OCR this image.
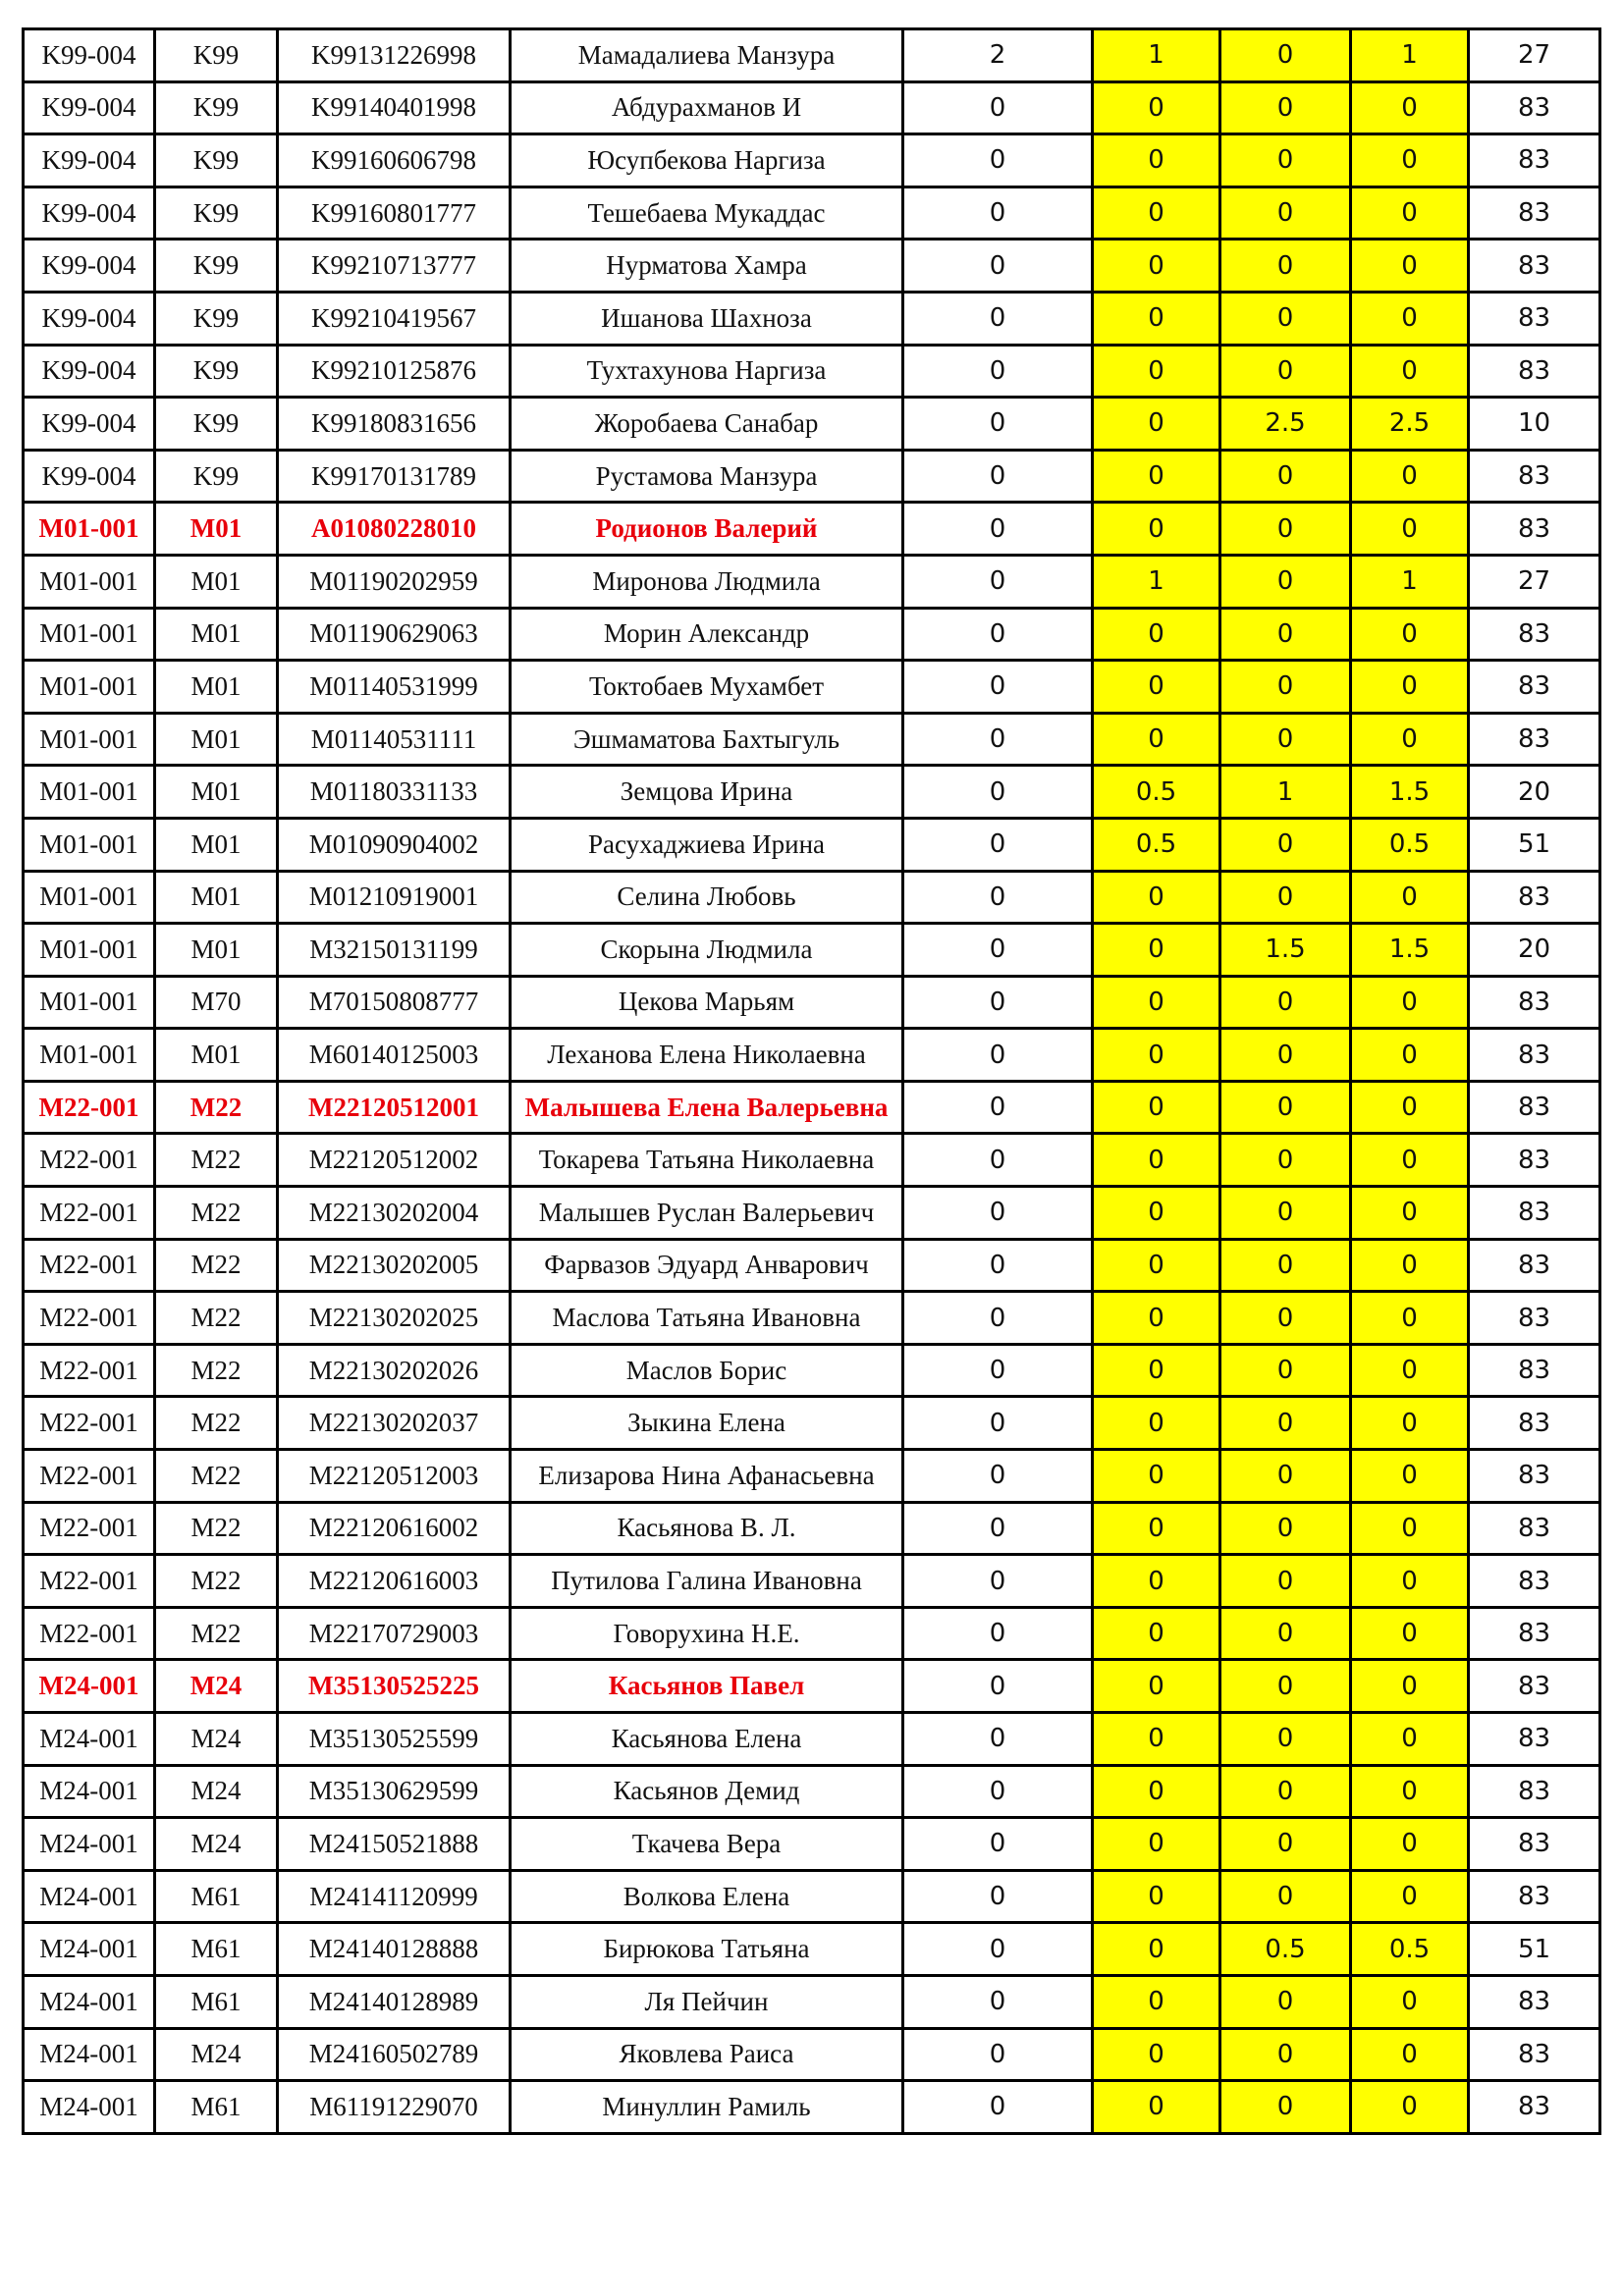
K99-004	K99	K99131226998	Мамадалиева Манзура	2	1	0	1	27
K99-004	K99	K99140401998	Абдурахманов И	0	0	0	0	83
K99-004	K99	K99160606798	Юсупбекова Наргиза	0	0	0	0	83
K99-004	K99	K99160801777	Тешебаева Мукаддас	0	0	0	0	83
K99-004	K99	K99210713777	Нурматова Хамра	0	0	0	0	83
K99-004	K99	K99210419567	Ишанова Шахноза	0	0	0	0	83
K99-004	K99	K99210125876	Тухтахунова Наргиза	0	0	0	0	83
K99-004	K99	K99180831656	Жоробаева Санабар	0	0	2.5	2.5	10
K99-004	K99	K99170131789	Рустамова Манзура	0	0	0	0	83
M01-001	M01	A01080228010	Родионов Валерий	0	0	0	0	83
M01-001	M01	M01190202959	Миронова Людмила	0	1	0	1	27
M01-001	M01	M01190629063	Морин Александр	0	0	0	0	83
M01-001	M01	M01140531999	Токтобаев Мухамбет	0	0	0	0	83
M01-001	M01	M01140531111	Эшмаматова Бахтыгуль	0	0	0	0	83
M01-001	M01	M01180331133	Земцова Ирина	0	0.5	1	1.5	20
M01-001	M01	M01090904002	Расухаджиева Ирина	0	0.5	0	0.5	51
M01-001	M01	M01210919001	Селина Любовь	0	0	0	0	83
M01-001	M01	M32150131199	Скорына Людмила	0	0	1.5	1.5	20
M01-001	M70	M70150808777	Цекова Марьям	0	0	0	0	83
M01-001	M01	M60140125003	Леханова Елена Николаевна	0	0	0	0	83
M22-001	M22	M22120512001	Малышева Елена Валерьевна	0	0	0	0	83
M22-001	M22	M22120512002	Токарева Татьяна Николаевна	0	0	0	0	83
M22-001	M22	M22130202004	Малышев Руслан Валерьевич	0	0	0	0	83
M22-001	M22	M22130202005	Фарвазов Эдуард Анварович	0	0	0	0	83
M22-001	M22	M22130202025	Маслова Татьяна Ивановна	0	0	0	0	83
M22-001	M22	M22130202026	Маслов Борис	0	0	0	0	83
M22-001	M22	M22130202037	Зыкина Елена	0	0	0	0	83
M22-001	M22	M22120512003	Елизарова Нина Афанасьевна	0	0	0	0	83
M22-001	M22	M22120616002	Касьянова В. Л.	0	0	0	0	83
M22-001	M22	M22120616003	Путилова Галина Ивановна	0	0	0	0	83
M22-001	M22	M22170729003	Говорухина Н.Е.	0	0	0	0	83
M24-001	M24	M35130525225	Касьянов Павел	0	0	0	0	83
M24-001	M24	M35130525599	Касьянова Елена	0	0	0	0	83
M24-001	M24	M35130629599	Касьянов Демид	0	0	0	0	83
M24-001	M24	M24150521888	Ткачева Вера	0	0	0	0	83
M24-001	M61	M24141120999	Волкова Елена	0	0	0	0	83
M24-001	M61	M24140128888	Бирюкова Татьяна	0	0	0.5	0.5	51
M24-001	M61	M24140128989	Ля Пейчин	0	0	0	0	83
M24-001	M24	M24160502789	Яковлева Раиса	0	0	0	0	83
M24-001	M61	M61191229070	Минуллин Рамиль	0	0	0	0	83
